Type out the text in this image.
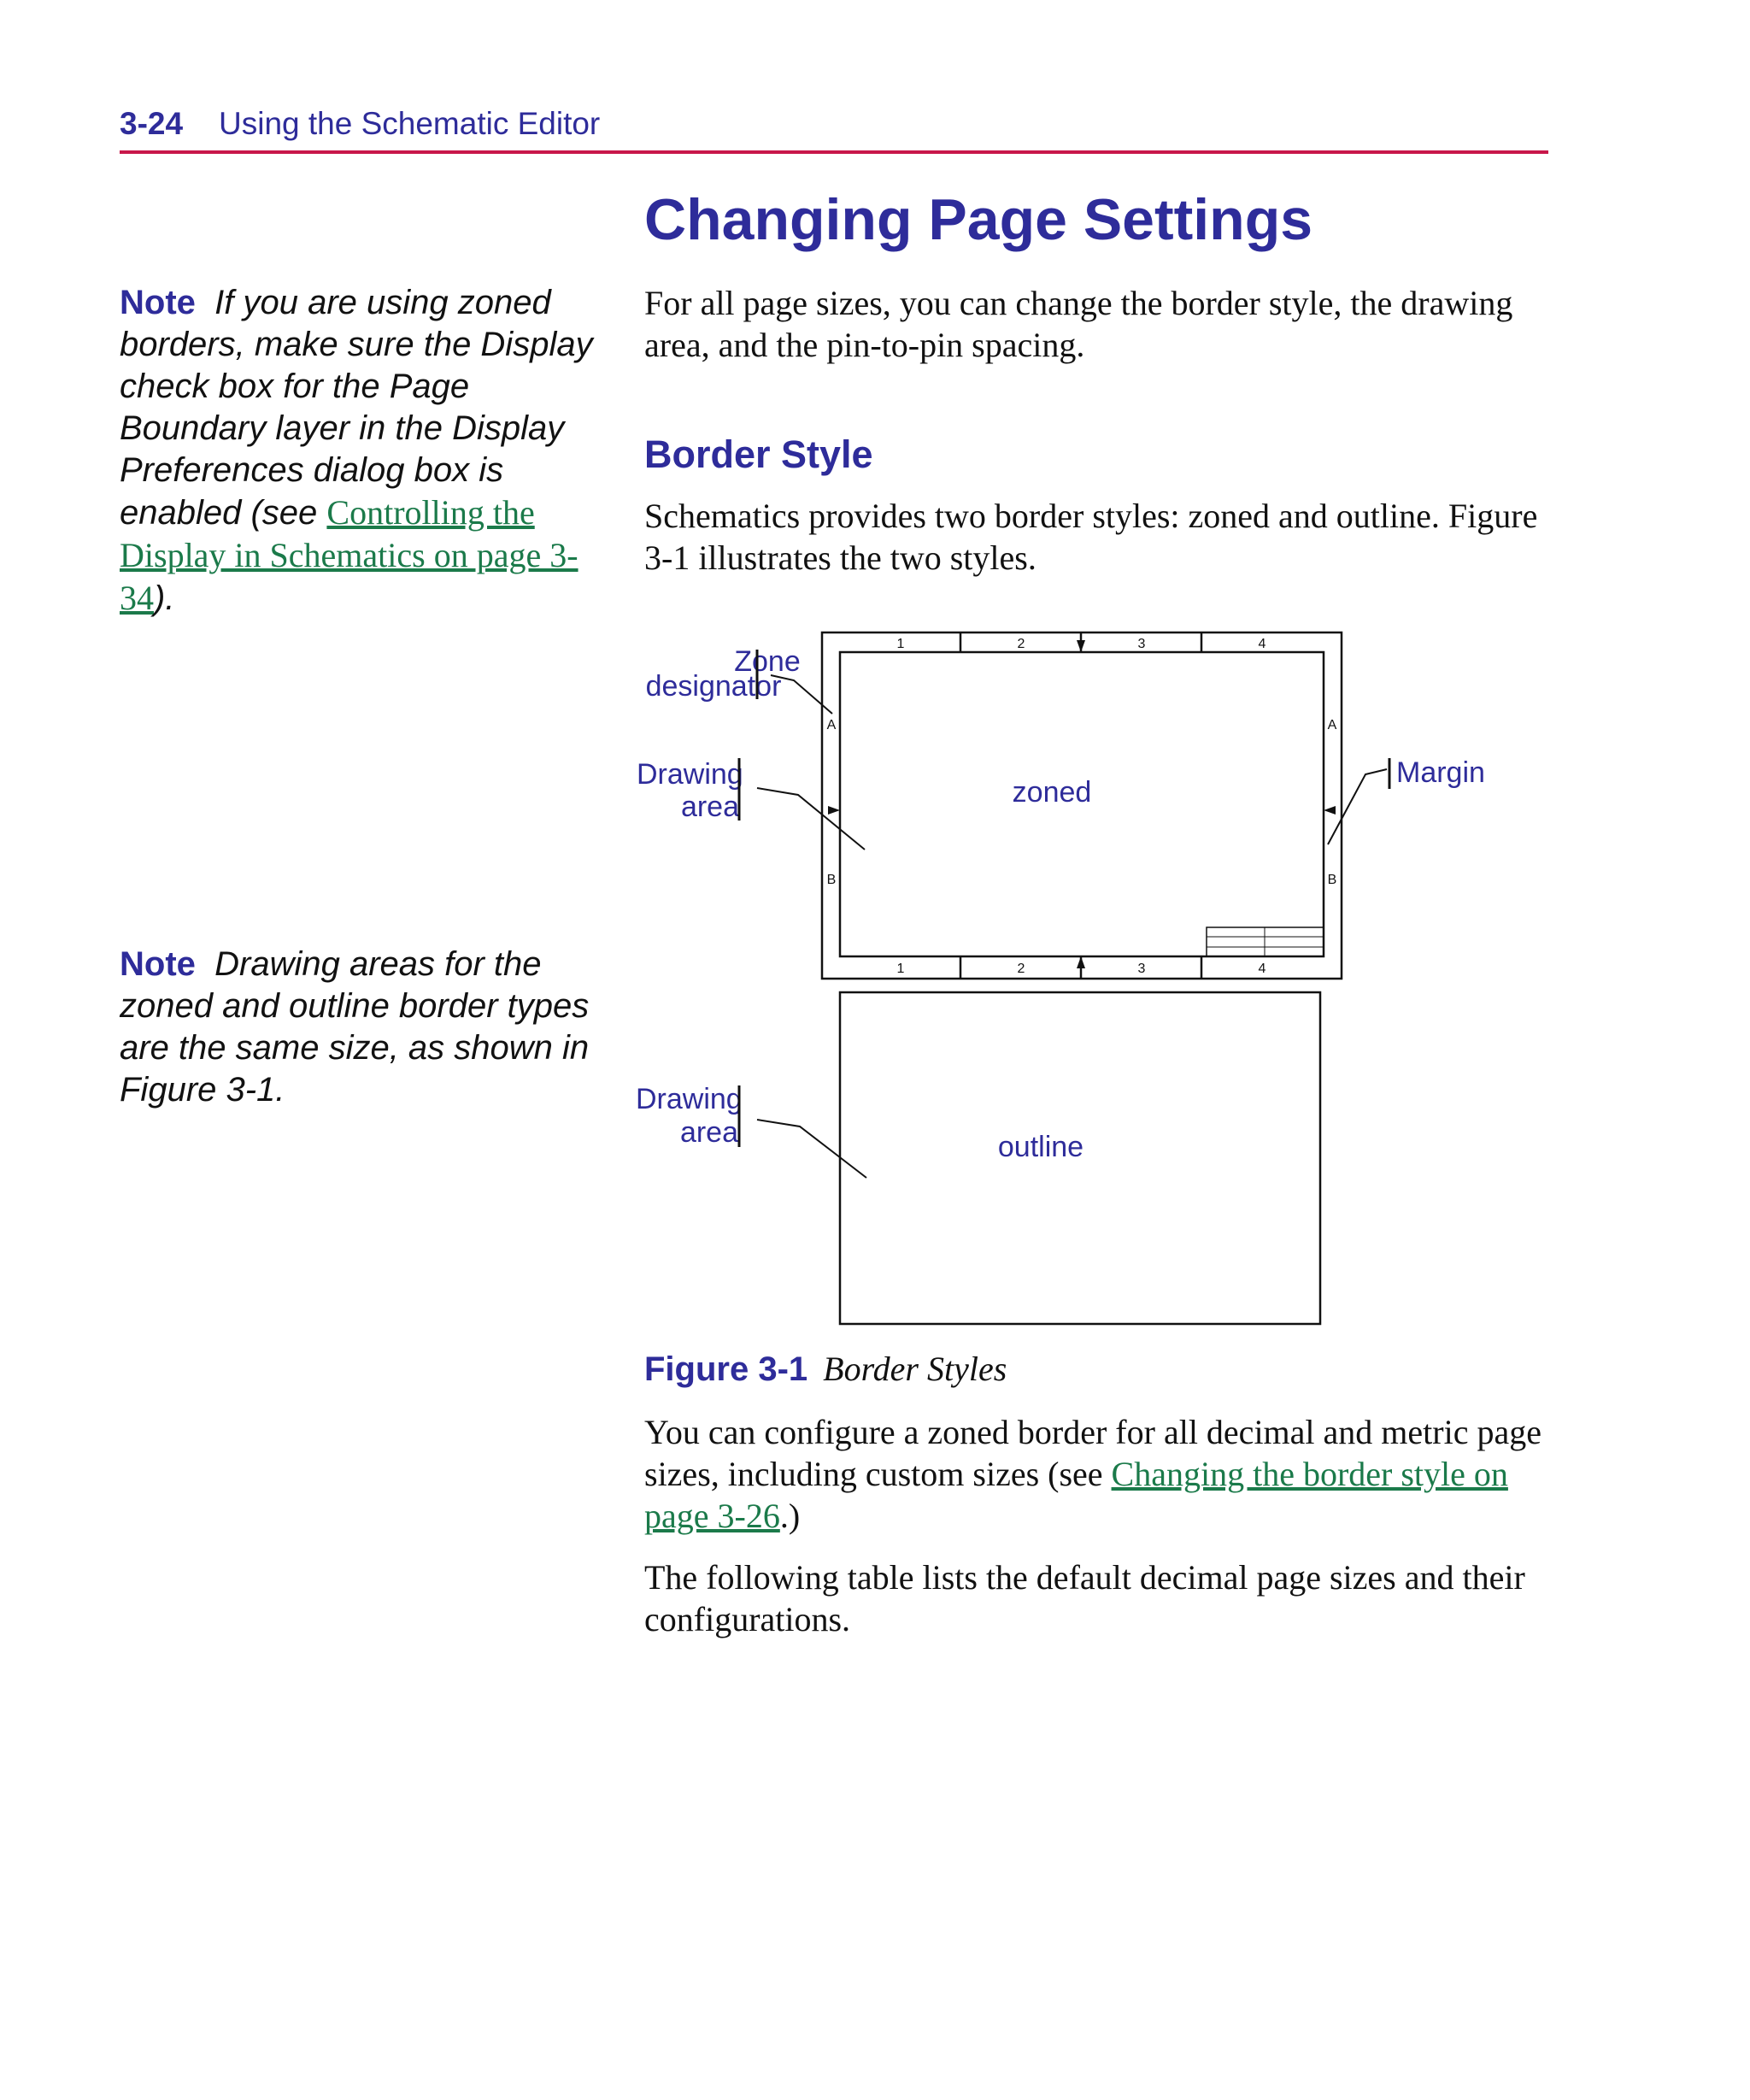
3-24 Using the Schematic Editor
Changing Page Settings

For all page sizes, you can change the border style, the drawing area, and the pin-to-pin spacing.

Border Style

Schematics provides two border styles: zoned and outline. Figure 3-1 illustrates the two styles.

Note If you are using zoned borders, make sure the Display check box for the Page Boundary layer in the Display Preferences dialog box is enabled (see Controlling the Display in Schematics on page 3-34).

Note Drawing areas for the zoned and outline border types are the same size, as shown in Figure 3-1.

1	2	3	4
1	2	3	4
A
B
A
B
zoned
outline
Zone
designator
Drawing
area
Margin
Drawing
area
Figure 3-1 Border Styles

You can configure a zoned border for all decimal and metric page sizes, including custom sizes (see Changing the border style on page 3-26.)

The following table lists the default decimal page sizes and their configurations.
